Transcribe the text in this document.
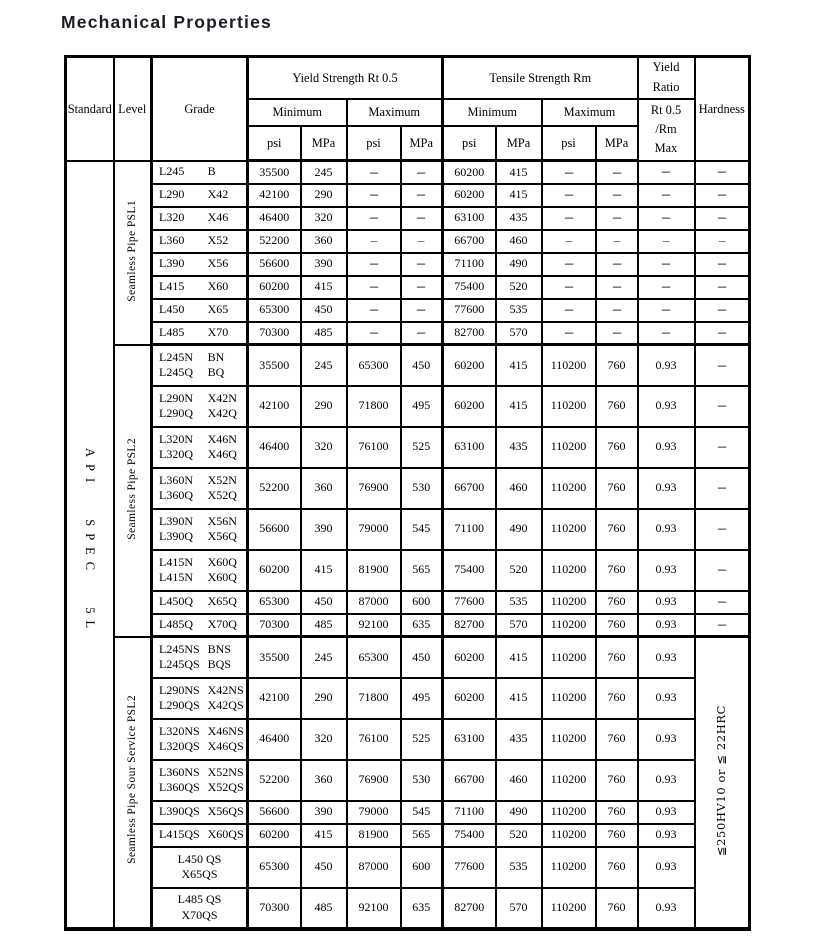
Mechanical Properties
Standard	Level	Grade	Yield Strength Rt 0.5				Tensile Strength Rm				Yield Ratio	Hardness
			Minimum		Maximum		Minimum		Maximum		Rt 0.5
/Rm
Max	

			psi	MPa	psi	MPa	psi	MPa	psi	MPa		
API SPEC 5L	Seamless Pipe PSL1	L245 B	35500	245	–	–	60200	415	–	–	–	–

		L290 X42	42100	290	–	–	60200	415	–	–	–	–

		L320 X46	46400	320	–	–	63100	435	–	–	–	–

		L360 X52	52200	360	–	–	66700	460	–	–	–	–

		L390 X56	56600	390	–	–	71100	490	–	–	–	–

		L415 X60	60200	415	–	–	75400	520	–	–	–	–

		L450 X65	65300	450	–	–	77600	535	–	–	–	–

		L485 X70	70300	485	–	–	82700	570	–	–	–	–
	Seamless Pipe PSL2	L245N BN
L245Q BQ	35500	245	65300	450	60200	415	110200	760	0.93	–

		L290N X42N
L290Q X42Q	42100	290	71800	495	60200	415	110200	760	0.93	–

		L320N X46N
L320Q X46Q	46400	320	76100	525	63100	435	110200	760	0.93	–

		L360N X52N
L360Q X52Q	52200	360	76900	530	66700	460	110200	760	0.93	–

		L390N X56N
L390Q X56Q	56600	390	79000	545	71100	490	110200	760	0.93	–

		L415N X60Q
L415N X60Q	60200	415	81900	565	75400	520	110200	760	0.93	–

		L450Q X65Q	65300	450	87000	600	77600	535	110200	760	0.93	–

		L485Q X70Q	70300	485	92100	635	82700	570	110200	760	0.93	–
	Seamless Pipe Sour Service PSL2	L245NS BNS
L245QS BQS	35500	245	65300	450	60200	415	110200	760	0.93	≦250HV10 or ≦ 22HRC

		L290NS X42NS
L290QS X42QS	42100	290	71800	495	60200	415	110200	760	0.93	

		L320NS X46NS
L320QS X46QS	46400	320	76100	525	63100	435	110200	760	0.93	

		L360NS X52NS
L360QS X52QS	52200	360	76900	530	66700	460	110200	760	0.93	

		L390QS X56QS	56600	390	79000	545	71100	490	110200	760	0.93	

		L415QS X60QS	60200	415	81900	565	75400	520	110200	760	0.93	

		L450 QS
X65QS	65300	450	87000	600	77600	535	110200	760	0.93	

		L485 QS
X70QS	70300	485	92100	635	82700	570	110200	760	0.93	
